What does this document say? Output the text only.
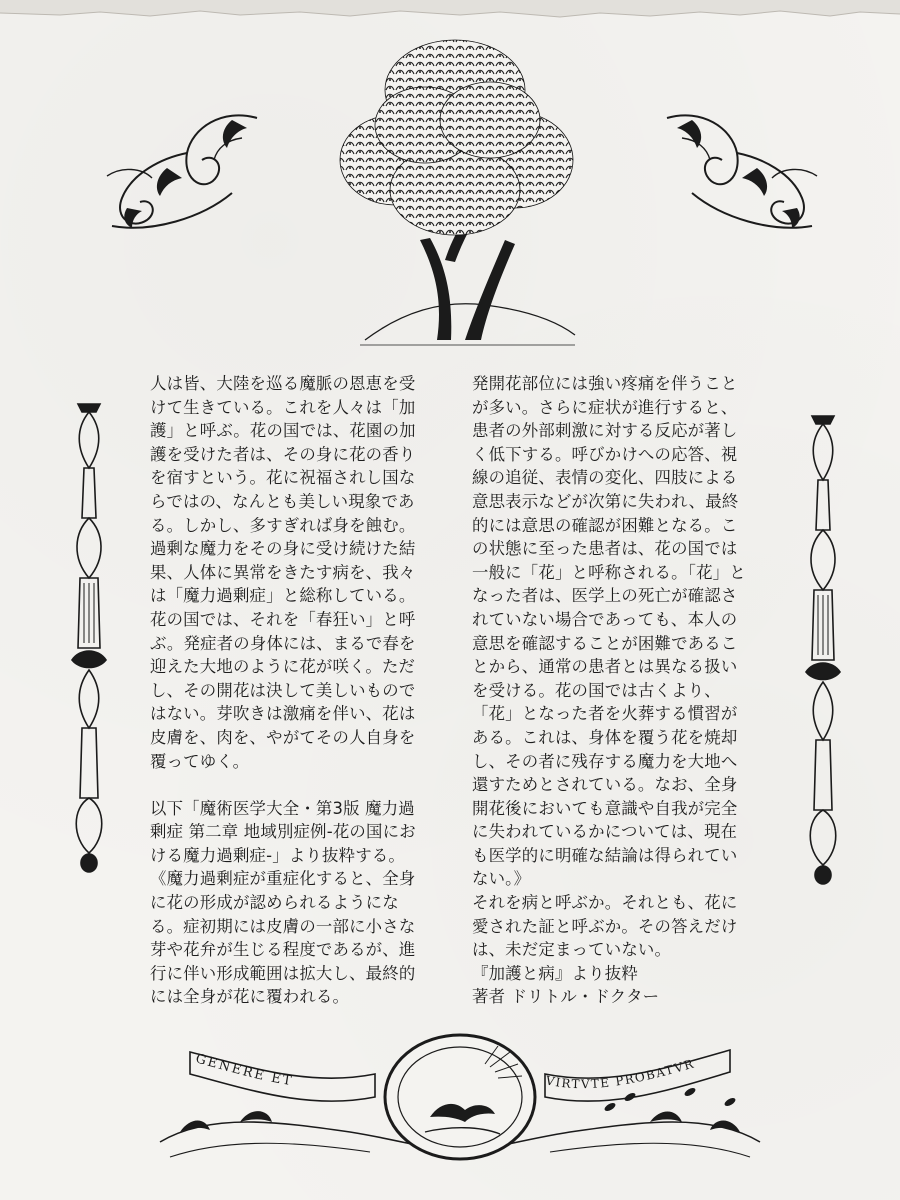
人は皆、大陸を巡る魔脈の恩恵を受
けて生きている。これを人々は「加
護」と呼ぶ。花の国では、花園の加
護を受けた者は、その身に花の香り
を宿すという。花に祝福されし国な
らではの、なんとも美しい現象であ
る。しかし、多すぎれば身を蝕む。
過剰な魔力をその身に受け続けた結
果、人体に異常をきたす病を、我々
は「魔力過剰症」と総称している。
花の国では、それを「春狂い」と呼
ぶ。発症者の身体には、まるで春を
迎えた大地のように花が咲く。ただ
し、その開花は決して美しいもので
はない。芽吹きは激痛を伴い、花は
皮膚を、肉を、やがてその人自身を
覆ってゆく。

以下「魔術医学大全・第3版 魔力過
剰症 第二章 地域別症例-花の国にお
ける魔力過剰症-」より抜粋する。
《魔力過剰症が重症化すると、全身
に花の形成が認められるようにな
る。症初期には皮膚の一部に小さな
芽や花弁が生じる程度であるが、進
行に伴い形成範囲は拡大し、最終的
には全身が花に覆われる。

発開花部位には強い疼痛を伴うこと
が多い。さらに症状が進行すると、
患者の外部刺激に対する反応が著し
く低下する。呼びかけへの応答、視
線の追従、表情の変化、四肢による
意思表示などが次第に失われ、最終
的には意思の確認が困難となる。こ
の状態に至った患者は、花の国では
一般に「花」と呼称される。「花」と
なった者は、医学上の死亡が確認さ
れていない場合であっても、本人の
意思を確認することが困難であるこ
とから、通常の患者とは異なる扱い
を受ける。花の国では古くより、
「花」となった者を火葬する慣習が
ある。これは、身体を覆う花を焼却
し、その者に残存する魔力を大地へ
還すためとされている。なお、全身
開花後においても意識や自我が完全
に失われているかについては、現在
も医学的に明確な結論は得られてい
ない。》

それを病と呼ぶか。それとも、花に
愛された証と呼ぶか。その答えだけ
は、未だ定まっていない。

『加護と病』より抜粋

著者 ドリトル・ドクター

GENERE ET	VIRTVTE PROBATVR
